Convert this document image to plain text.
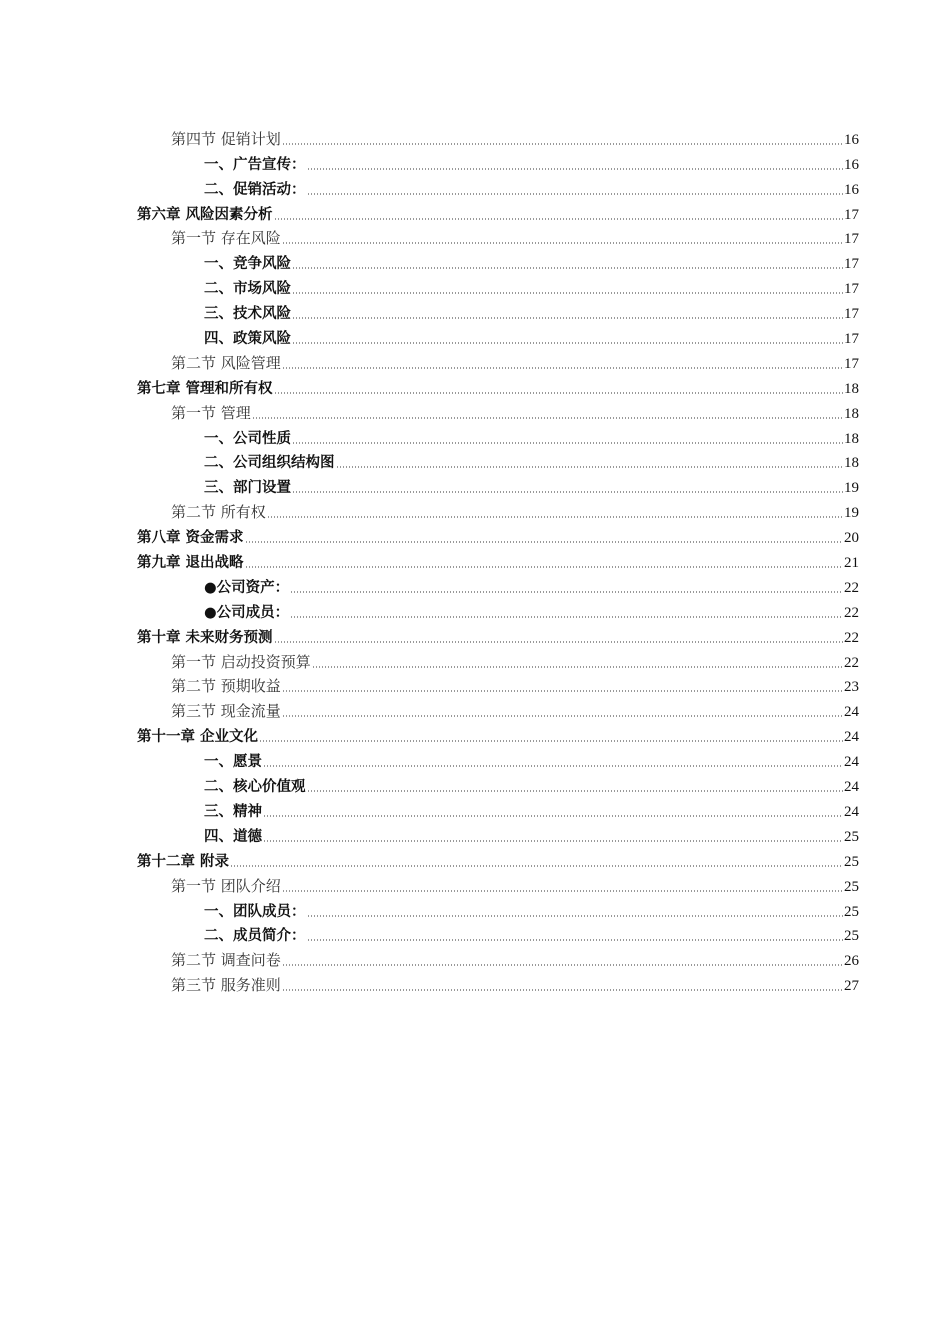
第四节 促销计划	16
一、广告宣传：	16
二、促销活动：	16
第六章 风险因素分析	17
第一节 存在风险	17
一、竞争风险	17
二、市场风险	17
三、技术风险	17
四、政策风险	17
第二节 风险管理	17
第七章 管理和所有权	18
第一节 管理	18
一、公司性质	18
二、公司组织结构图	18
三、部门设置	19
第二节 所有权	19
第八章 资金需求	20
第九章 退出战略	21
●公司资产：	22
●公司成员：	22
第十章 未来财务预测	22
第一节 启动投资预算	22
第二节 预期收益	23
第三节 现金流量	24
第十一章 企业文化	24
一、愿景	24
二、核心价值观	24
三、精神	24
四、道德	25
第十二章 附录	25
第一节 团队介绍	25
一、团队成员：	25
二、成员简介：	25
第二节 调查问卷	26
第三节 服务准则	27
